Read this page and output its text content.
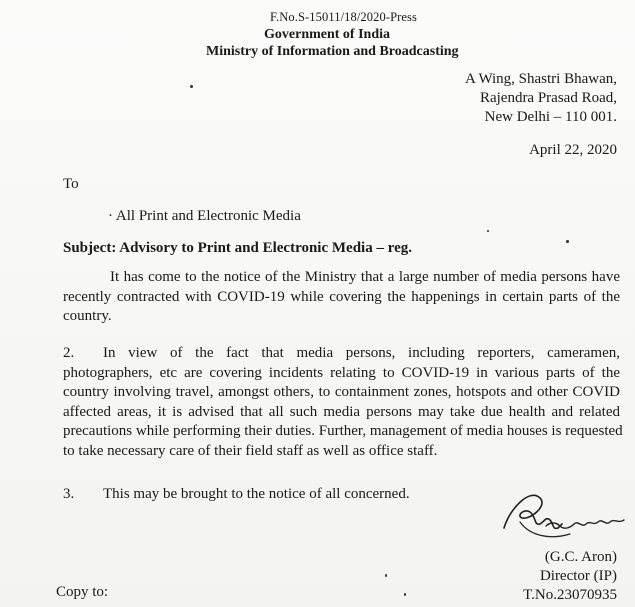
F.No.S-15011/18/2020-Press
Government of India
Ministry of Information and Broadcasting
A Wing, Shastri Bhawan,
Rajendra Prasad Road,
New Delhi – 110 001.
April 22, 2020
To
· All Print and Electronic Media
Subject: Advisory to Print and Electronic Media – reg.
It has come to the notice of the Ministry that a large number of media persons have
recently contracted with COVID-19 while covering the happenings in certain parts of the
country.
2. In view of the fact that media persons, including reporters, cameramen,
photographers, etc are covering incidents relating to COVID-19 in various parts of the
country involving travel, amongst others, to containment zones, hotspots and other COVID
affected areas, it is advised that all such media persons may take due health and related
precautions while performing their duties. Further, management of media houses is requested
to take necessary care of their field staff as well as office staff.
3. This may be brought to the notice of all concerned.
(G.C. Aron)
Director (IP)
T.No.23070935
Copy to:
